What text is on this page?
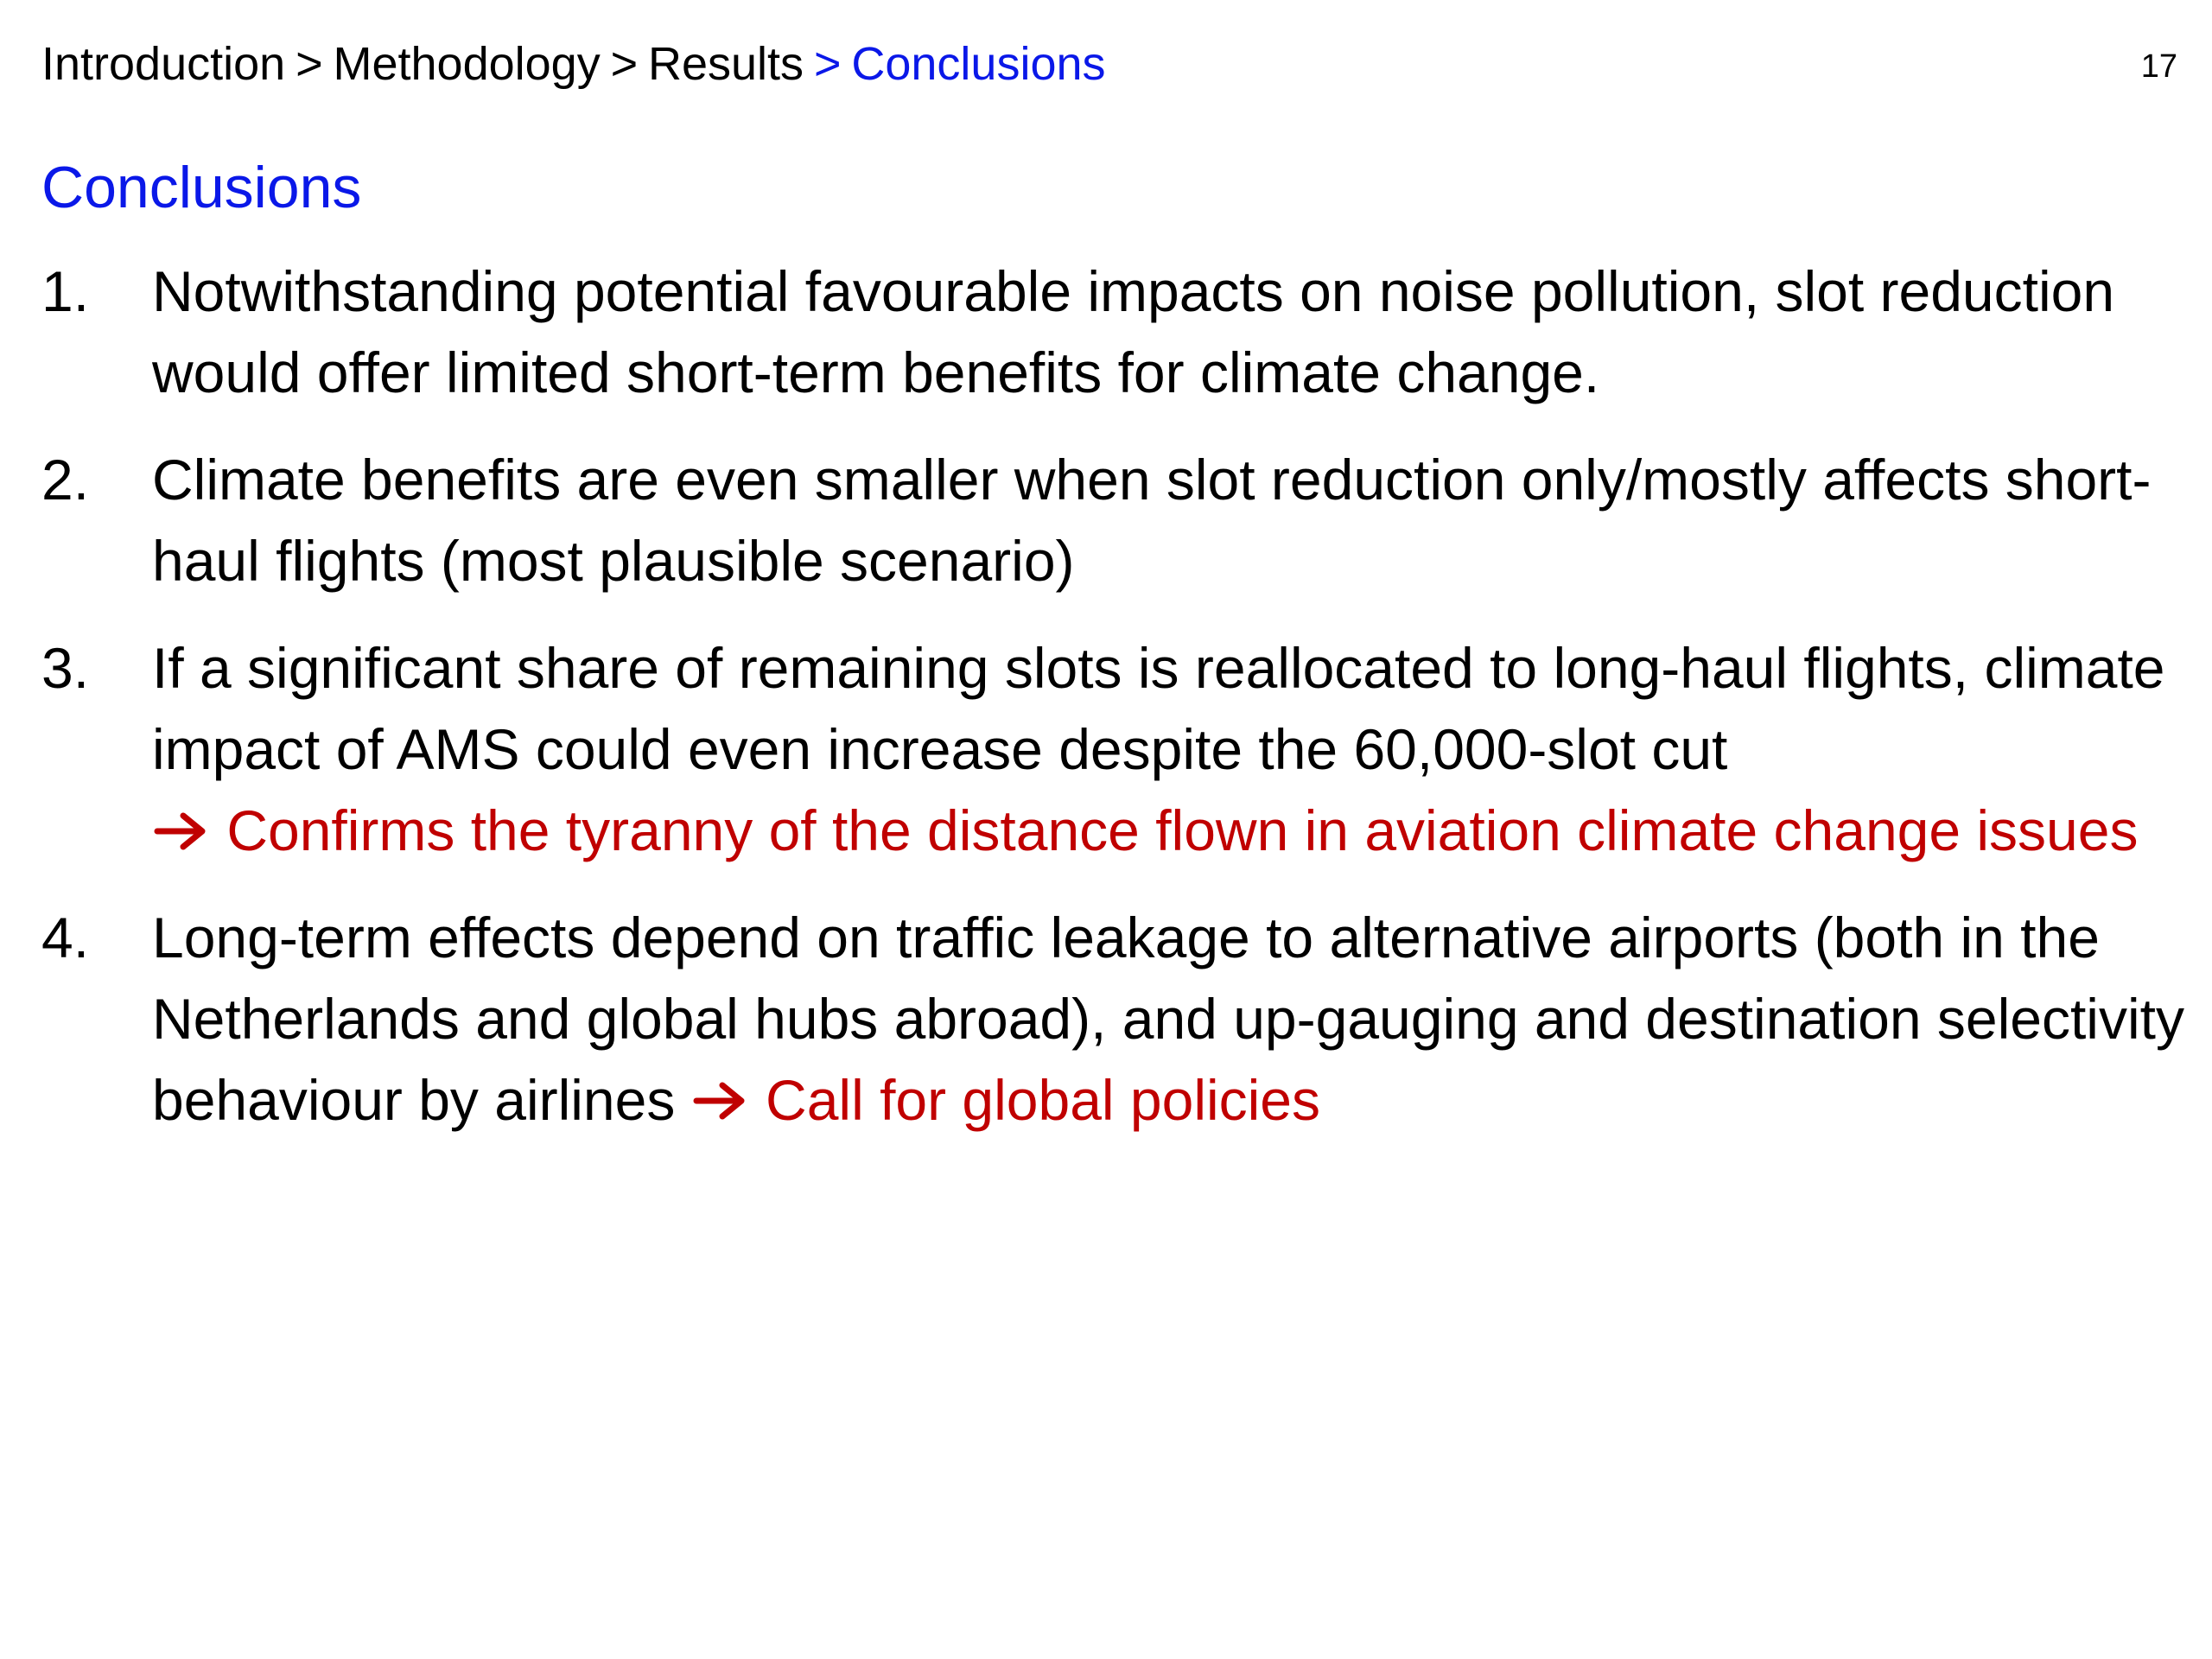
Introduction > Methodology > Results > Conclusions	17
Conclusions
1. Notwithstanding potential favourable impacts on noise pollution, slot reduction would offer limited short-term benefits for climate change.
2. Climate benefits are even smaller when slot reduction only/mostly affects short-haul flights (most plausible scenario)
3. If a significant share of remaining slots is reallocated to long-haul flights, climate impact of AMS could even increase despite the 60,000-slot cut

Confirms the tyranny of the distance flown in aviation climate change issues
4. Long-term effects depend on traffic leakage to alternative airports (both in the Netherlands and global hubs abroad), and up-gauging and destination selectivity behaviour by airlines Call for global policies
